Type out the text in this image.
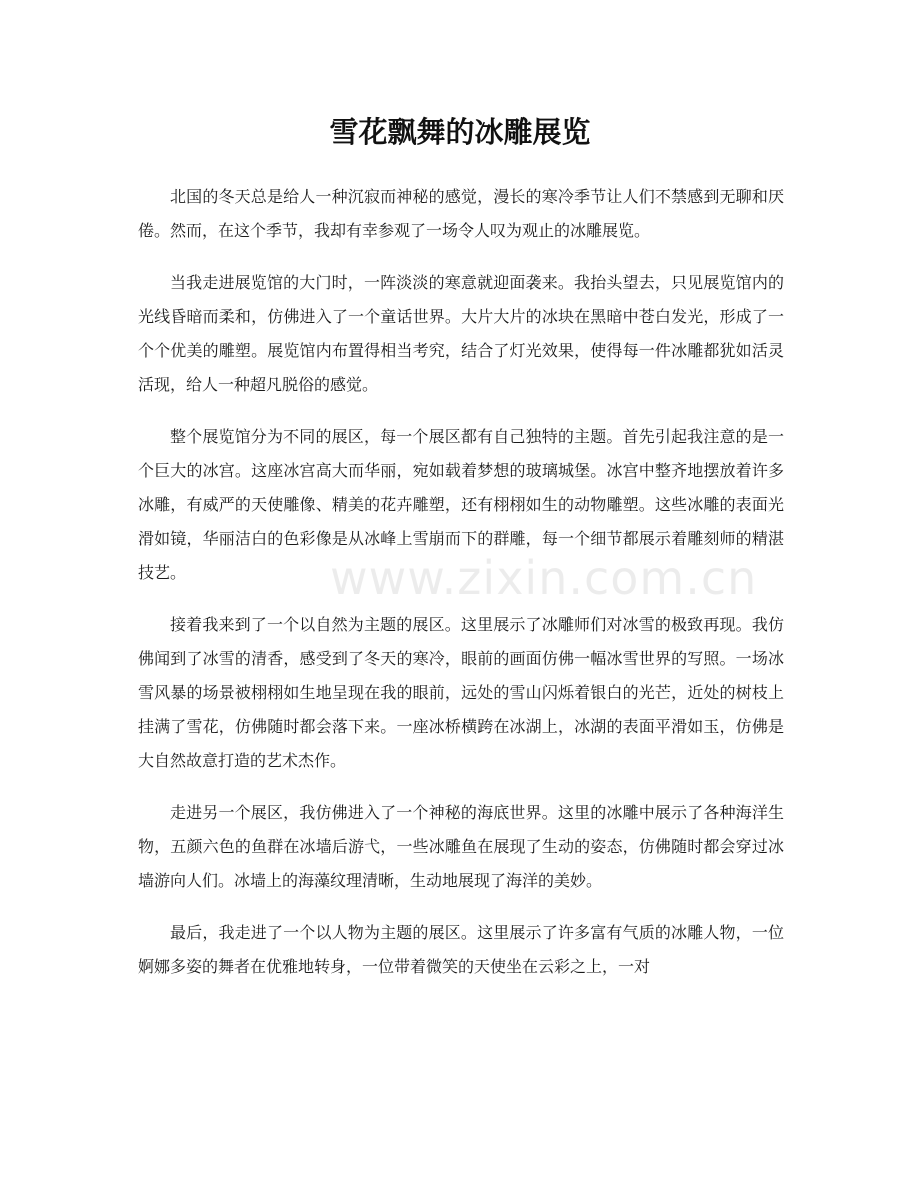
雪花飘舞的冰雕展览

北国的冬天总是给人一种沉寂而神秘的感觉，漫长的寒冷季节让人们不禁感到无聊和厌倦。然而，在这个季节，我却有幸参观了一场令人叹为观止的冰雕展览。

当我走进展览馆的大门时，一阵淡淡的寒意就迎面袭来。我抬头望去，只见展览馆内的光线昏暗而柔和，仿佛进入了一个童话世界。大片大片的冰块在黑暗中苍白发光，形成了一个个优美的雕塑。展览馆内布置得相当考究，结合了灯光效果，使得每一件冰雕都犹如活灵活现，给人一种超凡脱俗的感觉。

整个展览馆分为不同的展区，每一个展区都有自己独特的主题。首先引起我注意的是一个巨大的冰宫。这座冰宫高大而华丽，宛如载着梦想的玻璃城堡。冰宫中整齐地摆放着许多冰雕，有威严的天使雕像、精美的花卉雕塑，还有栩栩如生的动物雕塑。这些冰雕的表面光滑如镜，华丽洁白的色彩像是从冰峰上雪崩而下的群雕，每一个细节都展示着雕刻师的精湛技艺。

接着我来到了一个以自然为主题的展区。这里展示了冰雕师们对冰雪的极致再现。我仿佛闻到了冰雪的清香，感受到了冬天的寒冷，眼前的画面仿佛一幅冰雪世界的写照。一场冰雪风暴的场景被栩栩如生地呈现在我的眼前，远处的雪山闪烁着银白的光芒，近处的树枝上挂满了雪花，仿佛随时都会落下来。一座冰桥横跨在冰湖上，冰湖的表面平滑如玉，仿佛是大自然故意打造的艺术杰作。

走进另一个展区，我仿佛进入了一个神秘的海底世界。这里的冰雕中展示了各种海洋生物，五颜六色的鱼群在冰墙后游弋，一些冰雕鱼在展现了生动的姿态，仿佛随时都会穿过冰墙游向人们。冰墙上的海藻纹理清晰，生动地展现了海洋的美妙。

最后，我走进了一个以人物为主题的展区。这里展示了许多富有气质的冰雕人物，一位婀娜多姿的舞者在优雅地转身，一位带着微笑的天使坐在云彩之上，一对

www.zixin.com.cn
